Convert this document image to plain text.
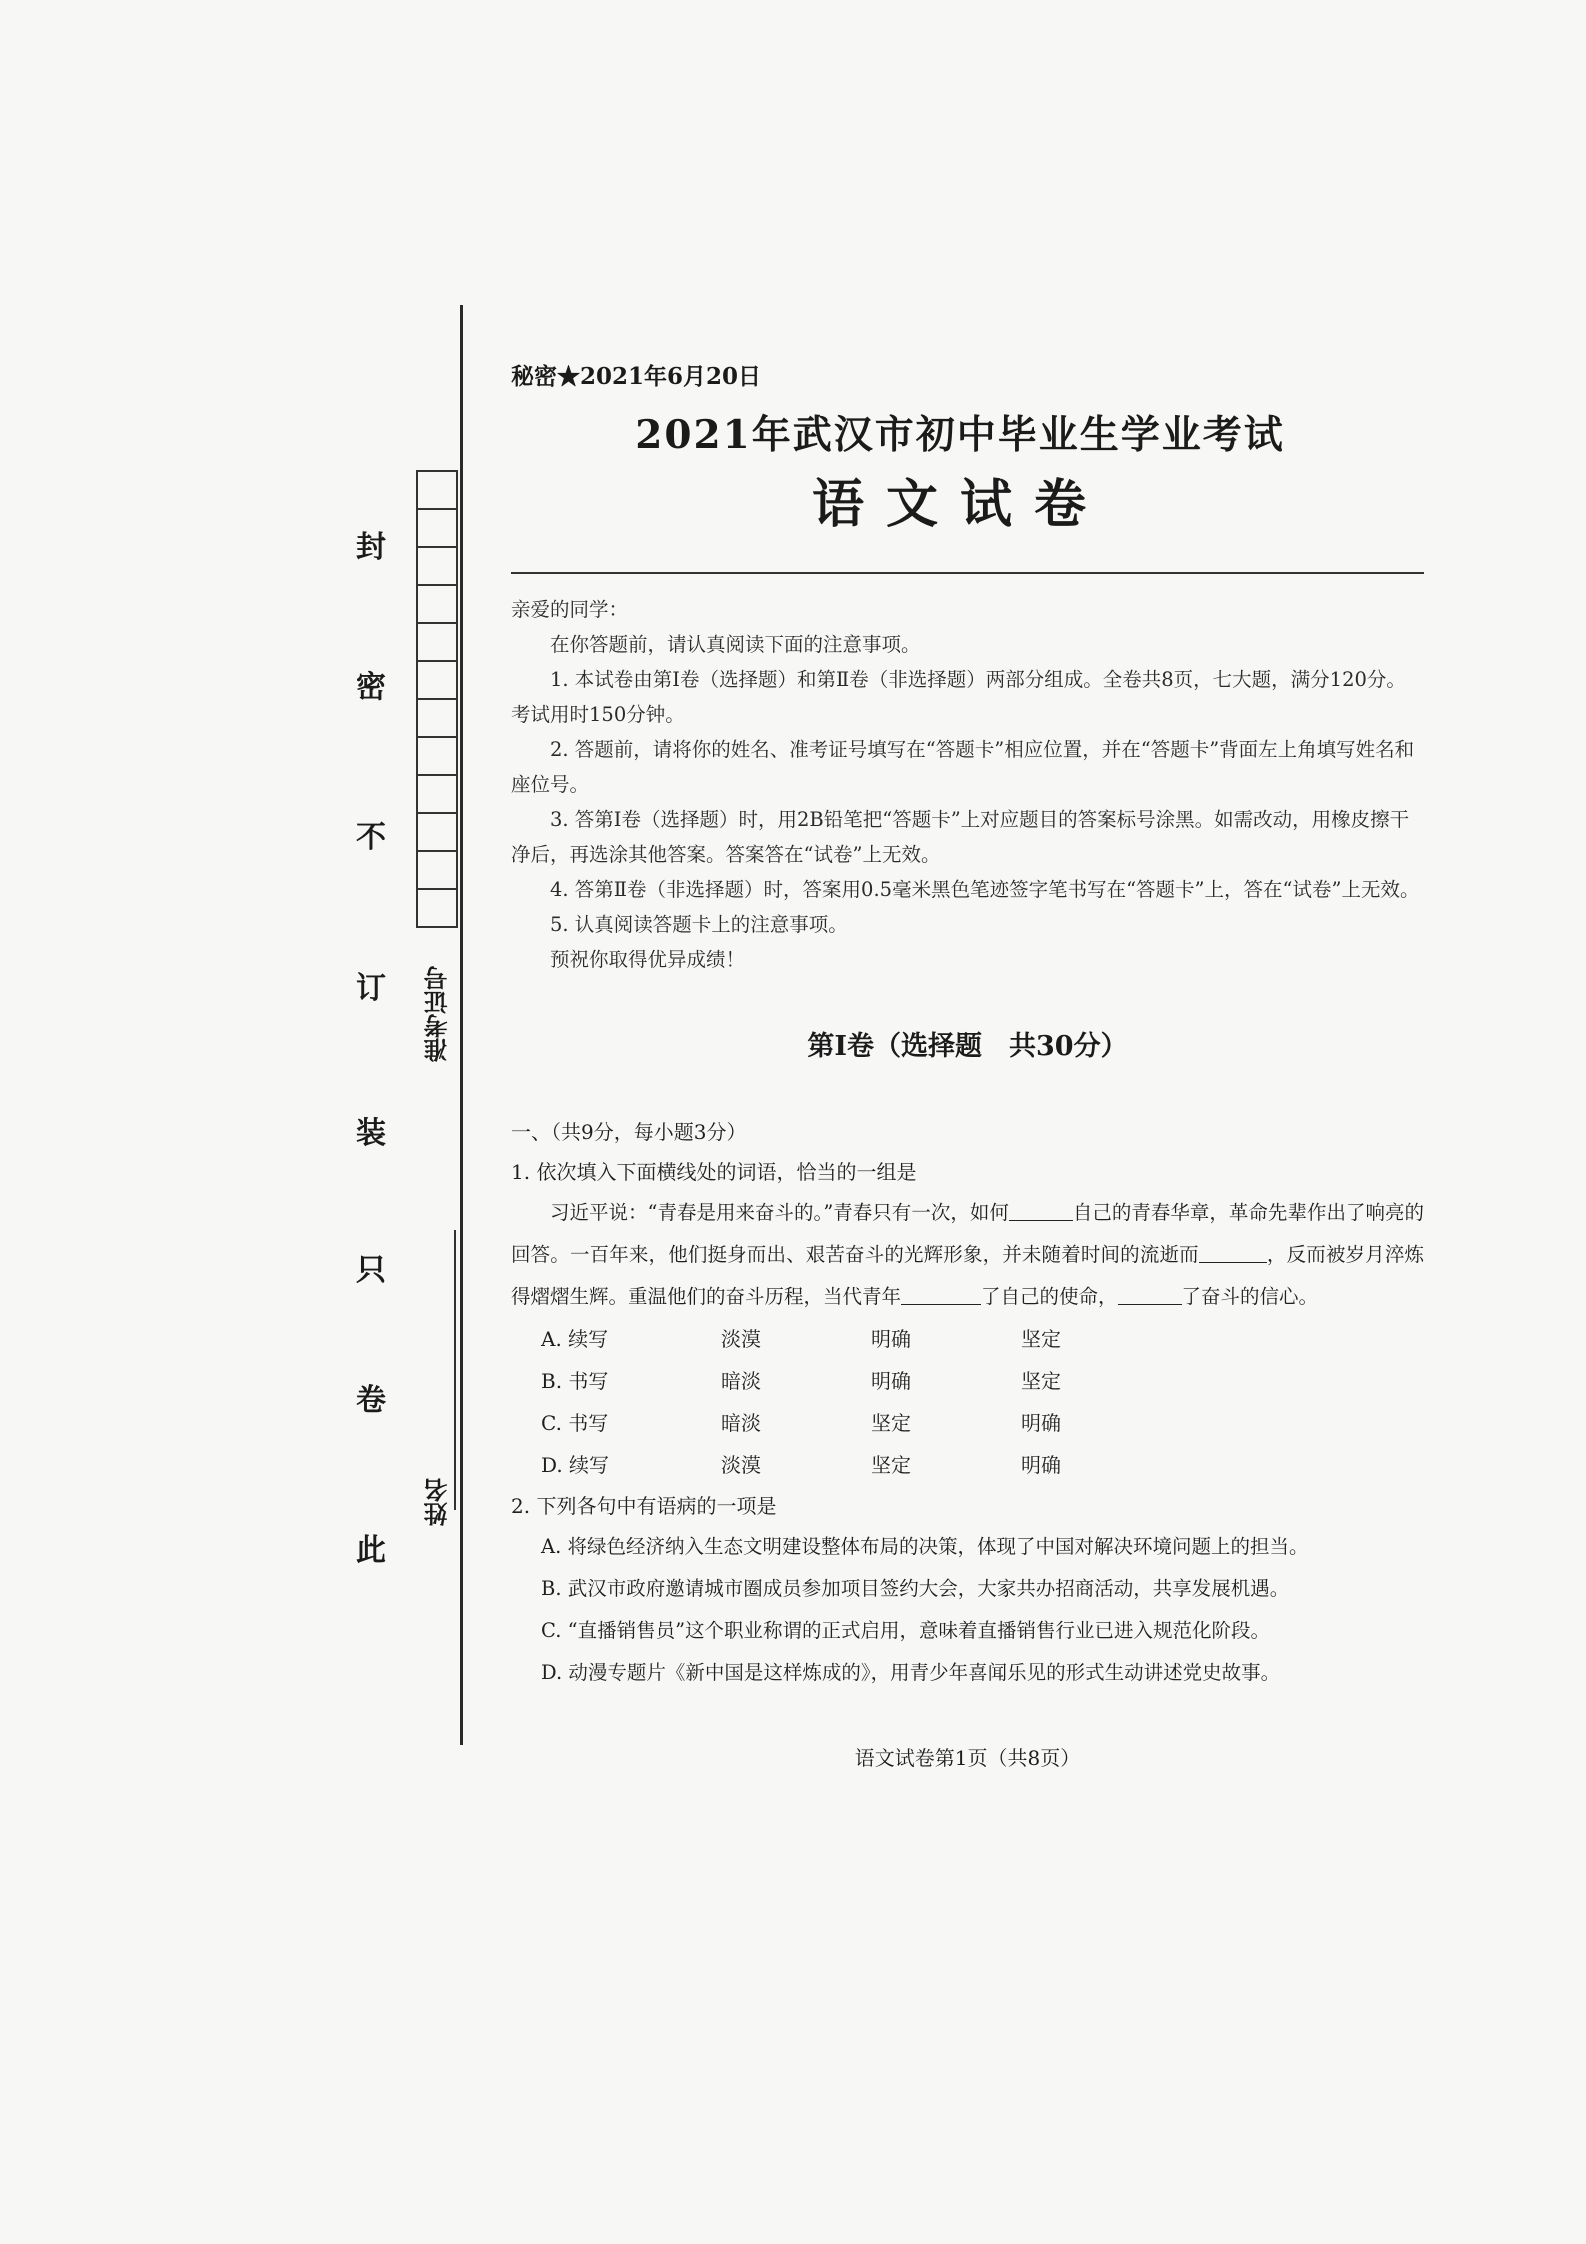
封
密
不
订
装
只
卷
此
准考证号
姓名
秘密★2021年6月20日
2021年武汉市初中毕业生学业考试
语文试卷

亲爱的同学：

在你答题前，请认真阅读下面的注意事项。

1. 本试卷由第Ⅰ卷（选择题）和第Ⅱ卷（非选择题）两部分组成。全卷共8页，七大题，满分120分。考试用时150分钟。

2. 答题前，请将你的姓名、准考证号填写在“答题卡”相应位置，并在“答题卡”背面左上角填写姓名和座位号。

3. 答第Ⅰ卷（选择题）时，用2B铅笔把“答题卡”上对应题目的答案标号涂黑。如需改动，用橡皮擦干净后，再选涂其他答案。答案答在“试卷”上无效。

4. 答第Ⅱ卷（非选择题）时，答案用0.5毫米黑色笔迹签字笔书写在“答题卡”上，答在“试卷”上无效。

5. 认真阅读答题卡上的注意事项。

预祝你取得优异成绩！

第Ⅰ卷（选择题　共30分）

一、（共9分，每小题3分）

1. 依次填入下面横线处的词语，恰当的一组是

习近平说：“青春是用来奋斗的。”青春只有一次，如何	自己的青春华章，革命先辈作出了响亮的回答。一百年来，他们挺身而出、艰苦奋斗的光辉形象，并未随着时间的流逝而	，反而被岁月淬炼得熠熠生辉。重温他们的奋斗历程，当代青年	了自己的使命，	了奋斗的信心。

A. 续写	淡漠	明确	坚定
B. 书写	暗淡	明确	坚定
C. 书写	暗淡	坚定	明确
D. 续写	淡漠	坚定	明确

2. 下列各句中有语病的一项是

A. 将绿色经济纳入生态文明建设整体布局的决策，体现了中国对解决环境问题上的担当。

B. 武汉市政府邀请城市圈成员参加项目签约大会，大家共办招商活动，共享发展机遇。

C. “直播销售员”这个职业称谓的正式启用，意味着直播销售行业已进入规范化阶段。

D. 动漫专题片《新中国是这样炼成的》，用青少年喜闻乐见的形式生动讲述党史故事。

语文试卷第1页（共8页）
